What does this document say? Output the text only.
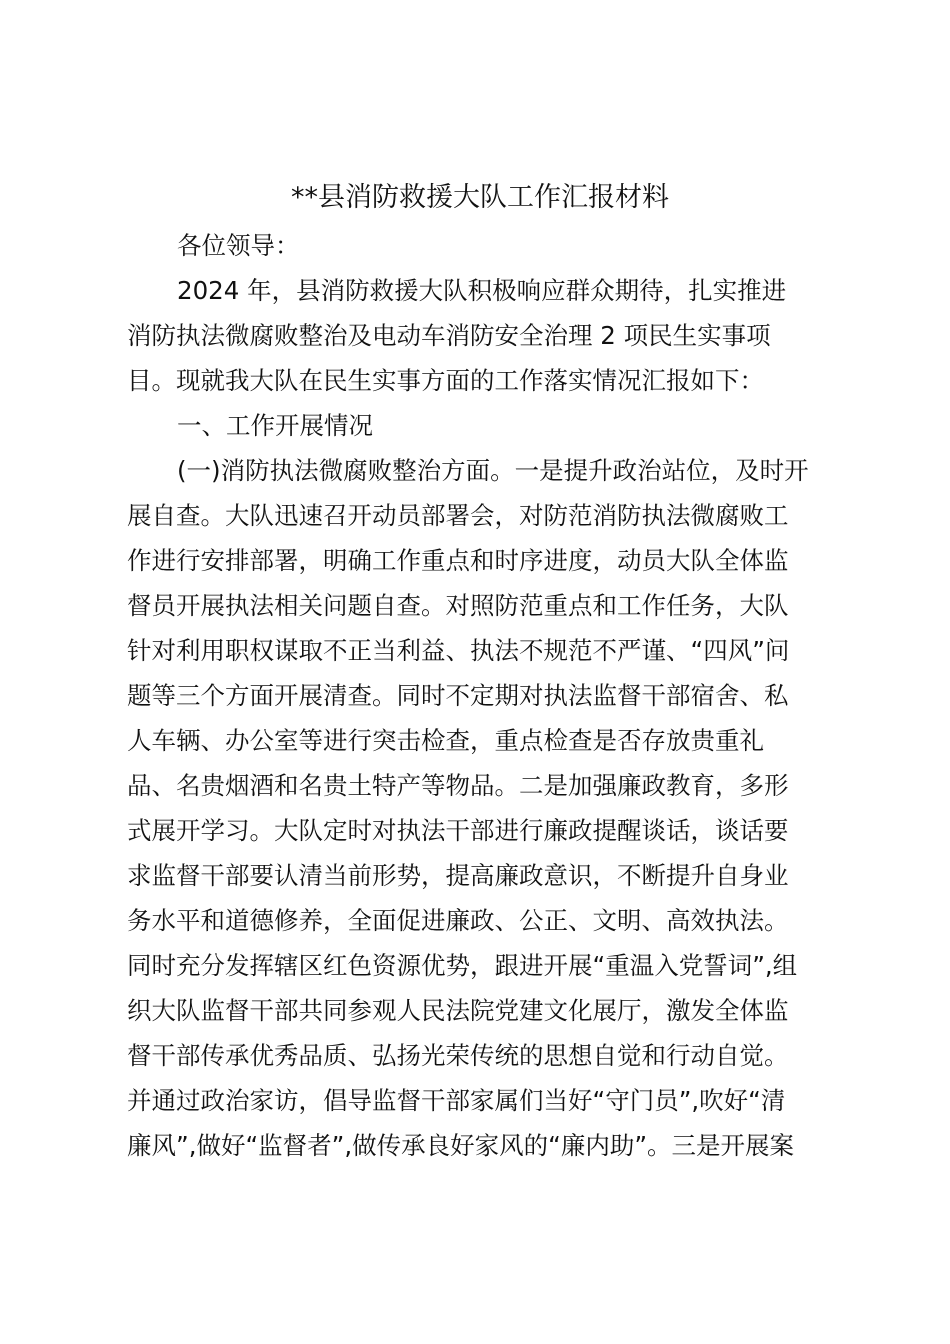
**县消防救援大队工作汇报材料
各位领导：
2024 年，县消防救援大队积极响应群众期待，扎实推进
消防执法微腐败整治及电动车消防安全治理 2 项民生实事项
目。现就我大队在民生实事方面的工作落实情况汇报如下：
一、工作开展情况
(一)消防执法微腐败整治方面。一是提升政治站位，及时开
展自查。大队迅速召开动员部署会，对防范消防执法微腐败工
作进行安排部署，明确工作重点和时序进度，动员大队全体监
督员开展执法相关问题自查。对照防范重点和工作任务，大队
针对利用职权谋取不正当利益、执法不规范不严谨、“四风”问
题等三个方面开展清查。同时不定期对执法监督干部宿舍、私
人车辆、办公室等进行突击检查，重点检查是否存放贵重礼
品、名贵烟酒和名贵土特产等物品。二是加强廉政教育，多形
式展开学习。大队定时对执法干部进行廉政提醒谈话，谈话要
求监督干部要认清当前形势，提高廉政意识，不断提升自身业
务水平和道德修养，全面促进廉政、公正、文明、高效执法。
同时充分发挥辖区红色资源优势，跟进开展“重温入党誓词”,组
织大队监督干部共同参观人民法院党建文化展厅，激发全体监
督干部传承优秀品质、弘扬光荣传统的思想自觉和行动自觉。
并通过政治家访，倡导监督干部家属们当好“守门员”,吹好“清
廉风”,做好“监督者”,做传承良好家风的“廉内助”。三是开展案
